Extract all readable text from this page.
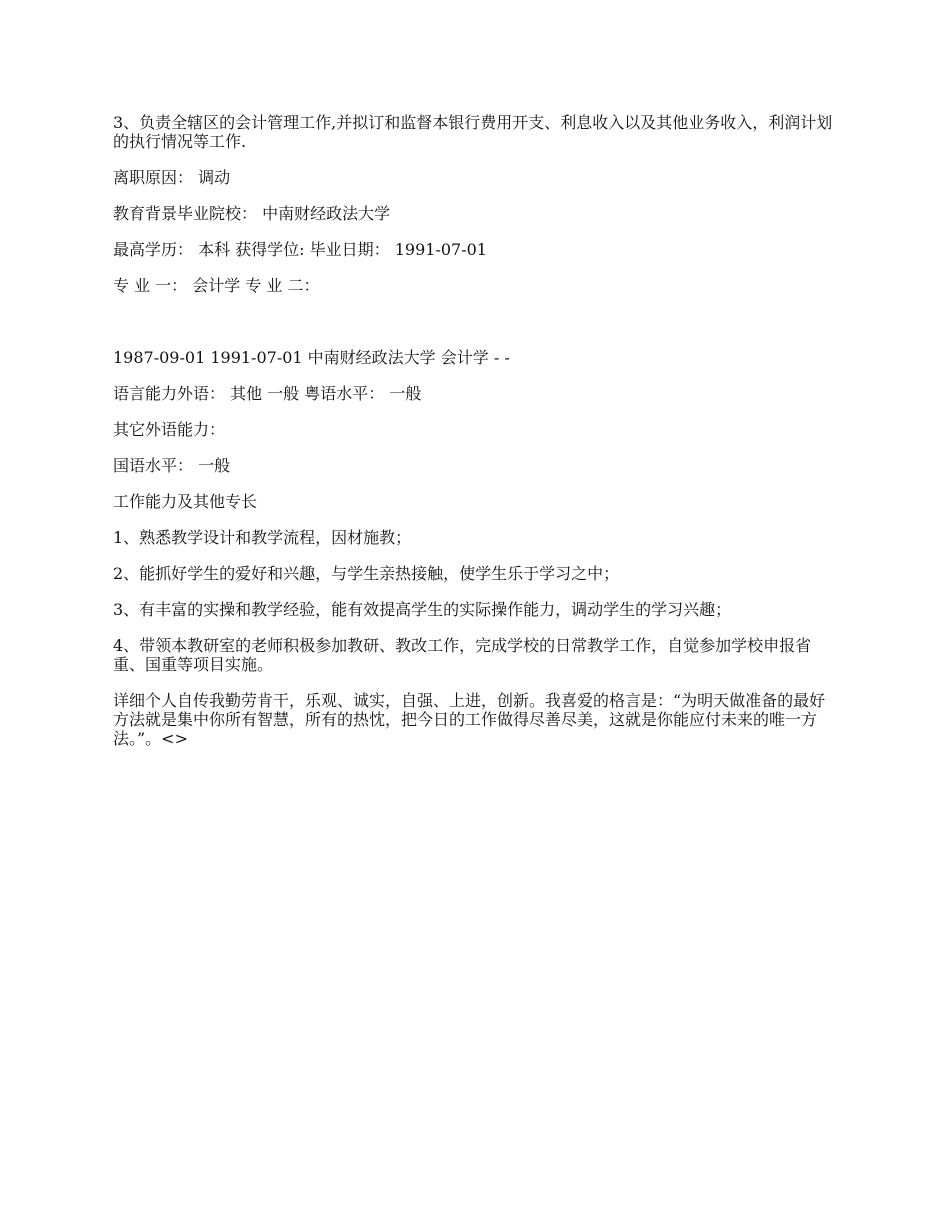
3、负责全辖区的会计管理工作,并拟订和监督本银行费用开支、利息收入以及其他业务收入，利润计划的执行情况等工作.

离职原因： 调动

教育背景毕业院校： 中南财经政法大学

最高学历： 本科 获得学位: 毕业日期： 1991-07-01

专 业 一： 会计学 专 业 二：

1987-09-01 1991-07-01 中南财经政法大学 会计学 - -

语言能力外语： 其他 一般 粤语水平： 一般

其它外语能力：

国语水平： 一般

工作能力及其他专长

1、熟悉教学设计和教学流程，因材施教；

2、能抓好学生的爱好和兴趣，与学生亲热接触，使学生乐于学习之中；

3、有丰富的实操和教学经验，能有效提高学生的实际操作能力，调动学生的学习兴趣；

4、带领本教研室的老师积极参加教研、教改工作，完成学校的日常教学工作，自觉参加学校申报省重、国重等项目实施。

详细个人自传我勤劳肯干，乐观、诚实，自强、上进，创新。我喜爱的格言是：“为明天做准备的最好方法就是集中你所有智慧，所有的热忱，把今日的工作做得尽善尽美，这就是你能应付未来的唯一方法。”。<>
